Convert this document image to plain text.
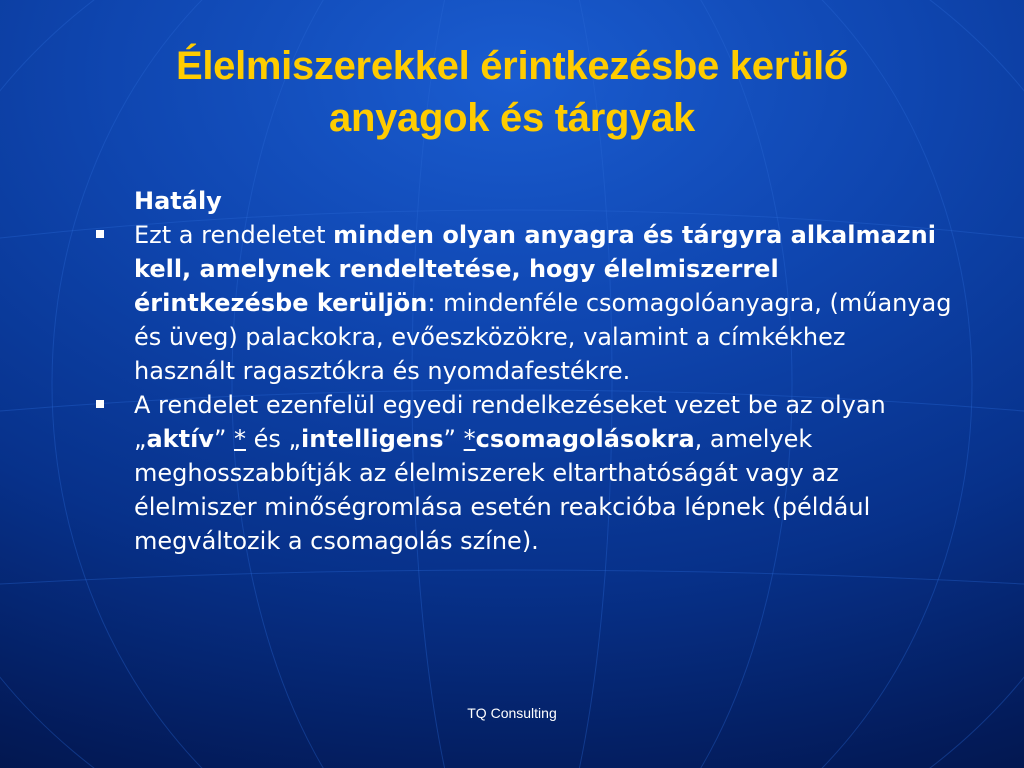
Élelmiszerekkel érintkezésbe kerülő
anyagok és tárgyak
Hatály
Ezt a rendeletet minden olyan anyagra és tárgyra alkalmazni kell, amelynek rendeltetése, hogy élelmiszerrel érintkezésbe kerüljön: mindenféle csomagolóanyagra, (műanyag és üveg) palackokra, evőeszközökre, valamint a címkékhez használt ragasztókra és nyomdafestékre.
A rendelet ezenfelül egyedi rendelkezéseket vezet be az olyan „aktív” * és „intelligens” *csomagolásokra, amelyek meghosszabbítják az élelmiszerek eltarthatóságát vagy az élelmiszer minőségromlása esetén reakcióba lépnek (például megváltozik a csomagolás színe).
TQ Consulting
